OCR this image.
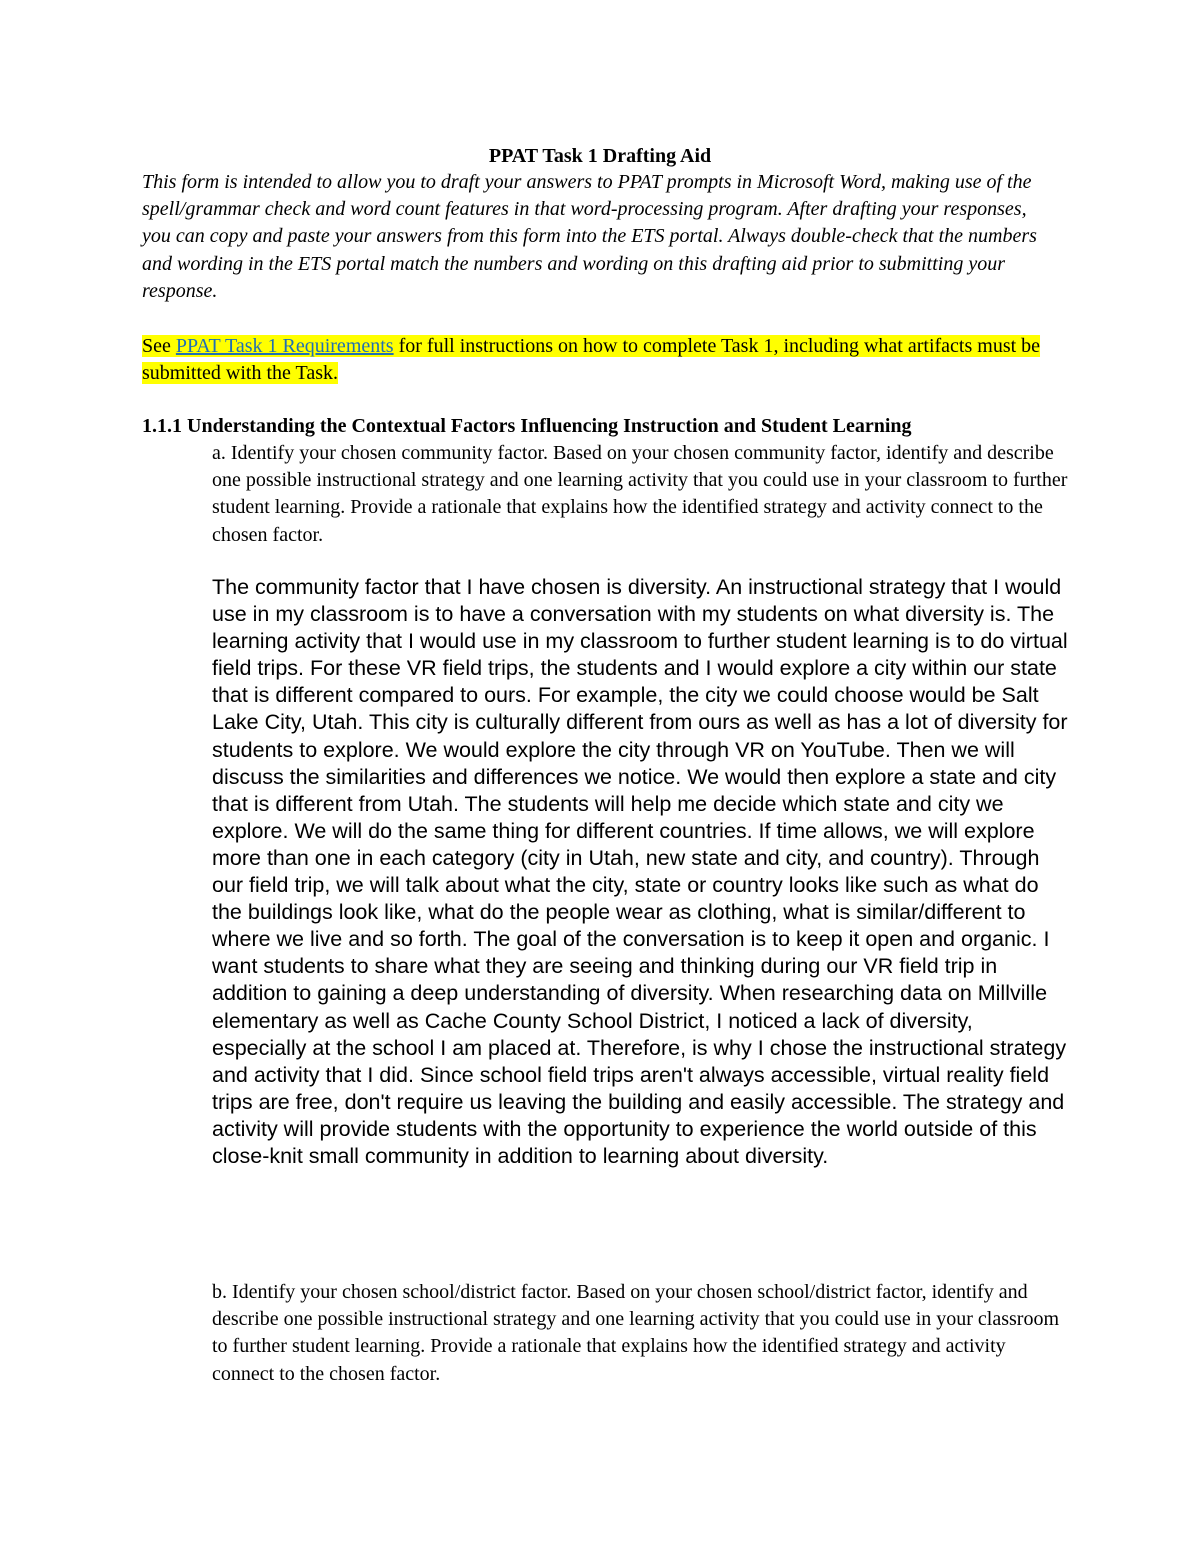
PPAT Task 1 Drafting Aid

This form is intended to allow you to draft your answers to PPAT prompts in Microsoft Word, making use of the spell/grammar check and word count features in that word-processing program. After drafting your responses, you can copy and paste your answers from this form into the ETS portal. Always double-check that the numbers and wording in the ETS portal match the numbers and wording on this drafting aid prior to submitting your response.

See PPAT Task 1 Requirements for full instructions on how to complete Task 1, including what artifacts must be submitted with the Task.

1.1.1 Understanding the Contextual Factors Influencing Instruction and Student Learning

a. Identify your chosen community factor. Based on your chosen community factor, identify and describe one possible instructional strategy and one learning activity that you could use in your classroom to further student learning. Provide a rationale that explains how the identified strategy and activity connect to the chosen factor.

The community factor that I have chosen is diversity. An instructional strategy that I would use in my classroom is to have a conversation with my students on what diversity is. The learning activity that I would use in my classroom to further student learning is to do virtual field trips. For these VR field trips, the students and I would explore a city within our state that is different compared to ours. For example, the city we could choose would be Salt Lake City, Utah. This city is culturally different from ours as well as has a lot of diversity for students to explore. We would explore the city through VR on YouTube. Then we will discuss the similarities and differences we notice. We would then explore a state and city that is different from Utah. The students will help me decide which state and city we explore. We will do the same thing for different countries. If time allows, we will explore more than one in each category (city in Utah, new state and city, and country). Through our field trip, we will talk about what the city, state or country looks like such as what do the buildings look like, what do the people wear as clothing, what is similar/different to where we live and so forth. The goal of the conversation is to keep it open and organic. I want students to share what they are seeing and thinking during our VR field trip in addition to gaining a deep understanding of diversity. When researching data on Millville elementary as well as Cache County School District, I noticed a lack of diversity, especially at the school I am placed at. Therefore, is why I chose the instructional strategy and activity that I did. Since school field trips aren't always accessible, virtual reality field trips are free, don't require us leaving the building and easily accessible. The strategy and activity will provide students with the opportunity to experience the world outside of this close-knit small community in addition to learning about diversity.

b. Identify your chosen school/district factor. Based on your chosen school/district factor, identify and describe one possible instructional strategy and one learning activity that you could use in your classroom to further student learning. Provide a rationale that explains how the identified strategy and activity connect to the chosen factor.
